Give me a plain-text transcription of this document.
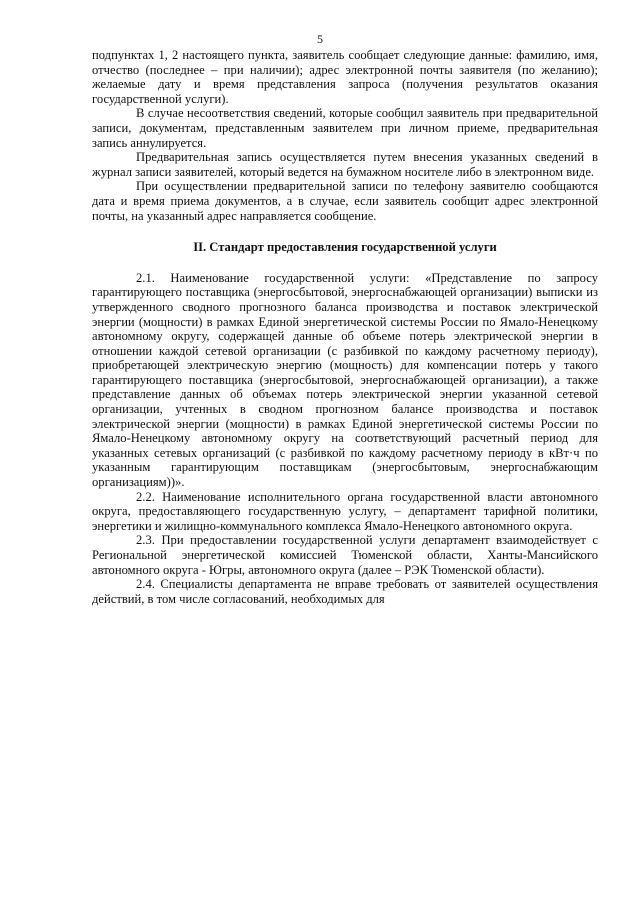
5

подпунктах 1, 2 настоящего пункта, заявитель сообщает следующие данные: фамилию, имя, отчество (последнее – при наличии); адрес электронной почты заявителя (по желанию); желаемые дату и время представления запроса (получения результатов оказания государственной услуги).

В случае несоответствия сведений, которые сообщил заявитель при предварительной записи, документам, представленным заявителем при личном приеме, предварительная запись аннулируется.

Предварительная запись осуществляется путем внесения указанных сведений в журнал записи заявителей, который ведется на бумажном носителе либо в электронном виде.

При осуществлении предварительной записи по телефону заявителю сообщаются дата и время приема документов, а в случае, если заявитель сообщит адрес электронной почты, на указанный адрес направляется сообщение.

II. Стандарт предоставления государственной услуги

2.1. Наименование государственной услуги: «Представление по запросу гарантирующего поставщика (энергосбытовой, энергоснабжающей организации) выписки из утвержденного сводного прогнозного баланса производства и поставок электрической энергии (мощности) в рамках Единой энергетической системы России по Ямало-Ненецкому автономному округу, содержащей данные об объеме потерь электрической энергии в отношении каждой сетевой организации (с разбивкой по каждому расчетному периоду), приобретающей электрическую энергию (мощность) для компенсации потерь у такого гарантирующего поставщика (энергосбытовой, энергоснабжающей организации), а также представление данных об объемах потерь электрической энергии указанной сетевой организации, учтенных в сводном прогнозном балансе производства и поставок электрической энергии (мощности) в рамках Единой энергетической системы России по Ямало-Ненецкому автономному округу на соответствующий расчетный период для указанных сетевых организаций (с разбивкой по каждому расчетному периоду в кВт·ч по указанным гарантирующим поставщикам (энергосбытовым, энергоснабжающим организациям))».

2.2. Наименование исполнительного органа государственной власти автономного округа, предоставляющего государственную услугу, – департамент тарифной политики, энергетики и жилищно-коммунального комплекса Ямало-Ненецкого автономного округа.

2.3. При предоставлении государственной услуги департамент взаимодействует с Региональной энергетической комиссией Тюменской области, Ханты-Мансийского автономного округа - Югры, автономного округа (далее – РЭК Тюменской области).

2.4. Специалисты департамента не вправе требовать от заявителей осуществления действий, в том числе согласований, необходимых для
